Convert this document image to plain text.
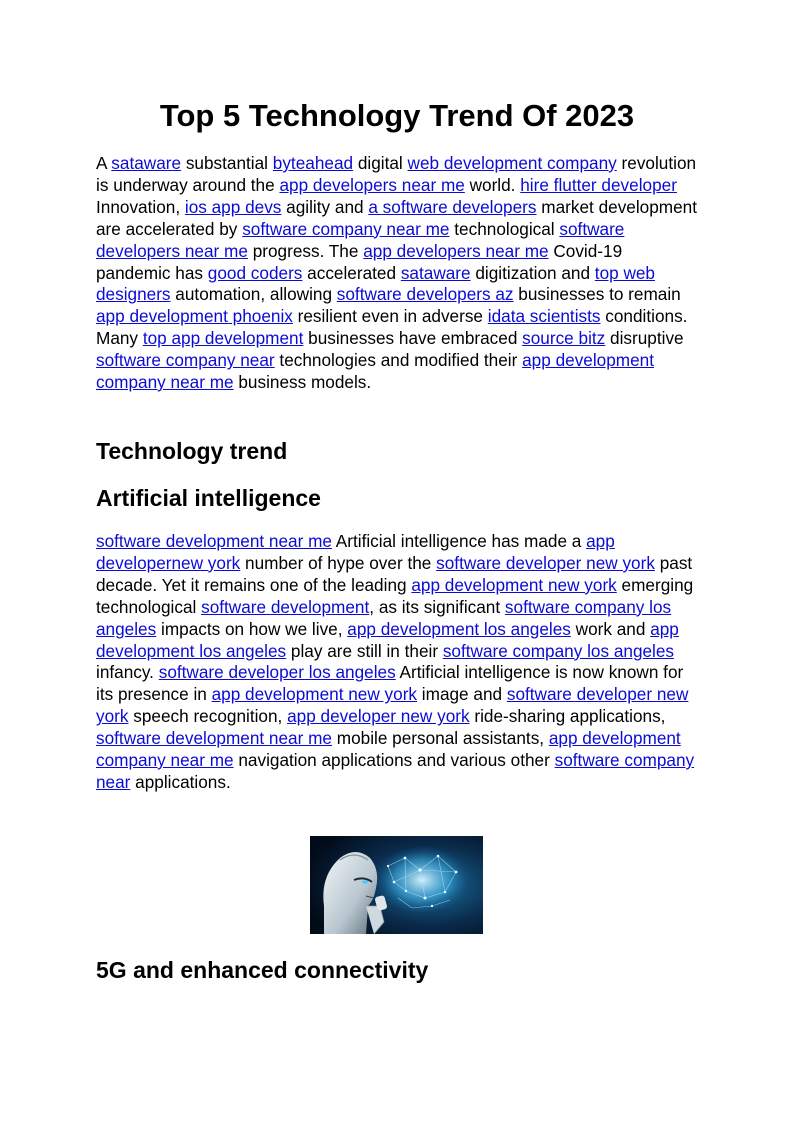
Top 5 Technology Trend Of 2023

A sataware substantial byteahead digital web development company revolution is underway around the app developers near me world. hire flutter developer Innovation, ios app devs agility and a software developers market development are accelerated by software company near me technological software developers near me progress. The app developers near me Covid-19 pandemic has good coders accelerated sataware digitization and top web designers automation, allowing software developers az businesses to remain app development phoenix resilient even in adverse idata scientists conditions. Many top app development businesses have embraced source bitz disruptive software company near technologies and modified their app development company near me business models.

Technology trend
Artificial intelligence

software development near me Artificial intelligence has made a app developernew york number of hype over the software developer new york past decade. Yet it remains one of the leading app development new york emerging technological software development, as its significant software company los angeles impacts on how we live, app development los angeles work and app development los angeles play are still in their software company los angeles infancy. software developer los angeles Artificial intelligence is now known for its presence in app development new york image and software developer new york speech recognition, app developer new york ride-sharing applications, software development near me mobile personal assistants, app development company near me navigation applications and various other software company near applications.

5G and enhanced connectivity
